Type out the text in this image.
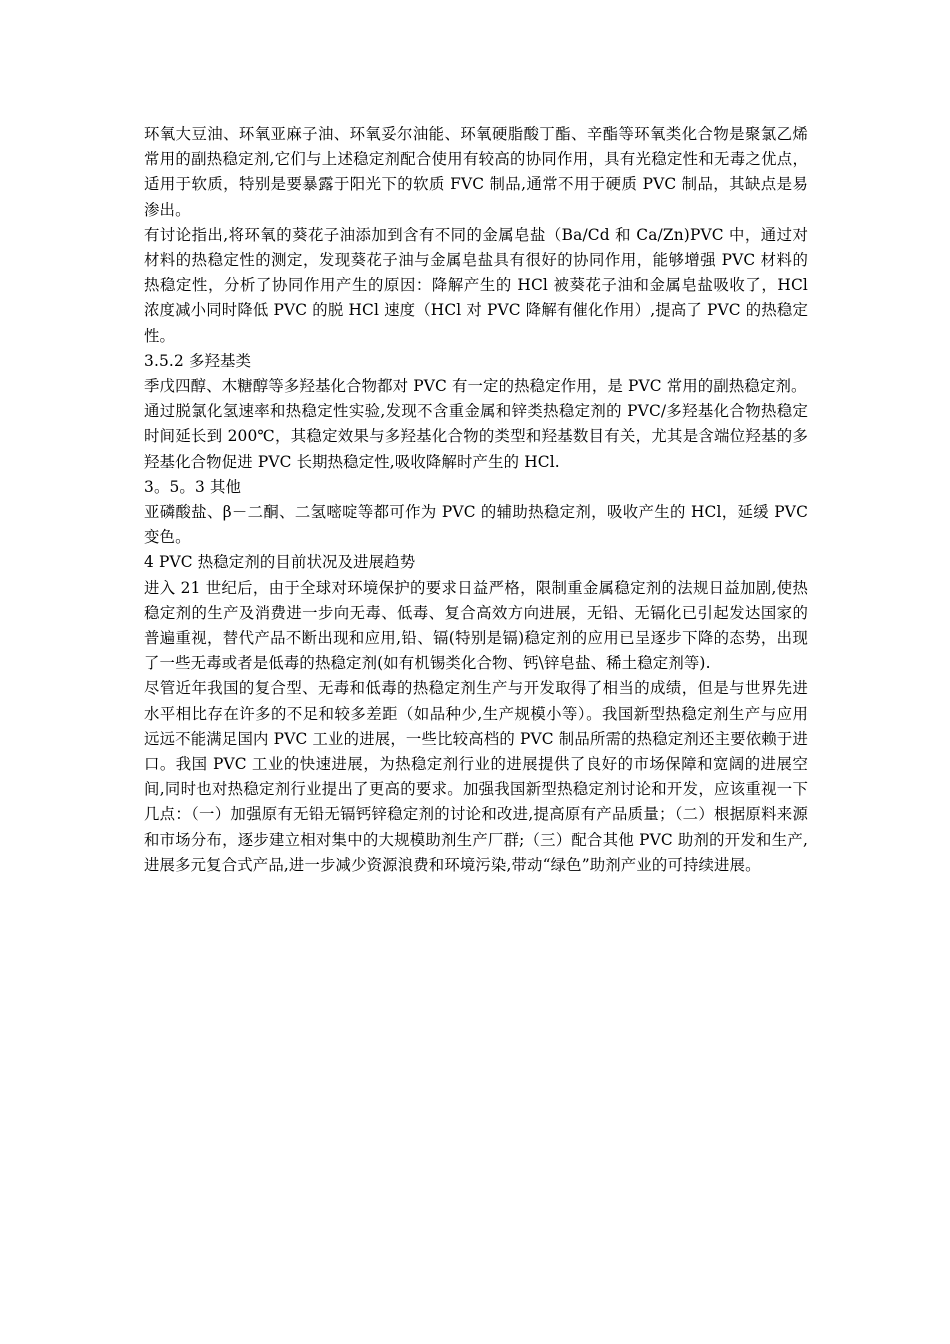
环氧大豆油、环氧亚麻子油、环氧妥尔油能、环氧硬脂酸丁酯、辛酯等环氧类化合物是聚氯乙烯常用的副热稳定剂,它们与上述稳定剂配合使用有较高的协同作用，具有光稳定性和无毒之优点，适用于软质，特别是要暴露于阳光下的软质 FVC 制品,通常不用于硬质 PVC 制品，其缺点是易渗出。

有讨论指出,将环氧的葵花子油添加到含有不同的金属皂盐（Ba/Cd 和 Ca/Zn)PVC 中，通过对材料的热稳定性的测定，发现葵花子油与金属皂盐具有很好的协同作用，能够增强 PVC 材料的热稳定性，分析了协同作用产生的原因：降解产生的 HCl 被葵花子油和金属皂盐吸收了，HCl 浓度减小同时降低 PVC 的脱 HCl 速度（HCl 对 PVC 降解有催化作用）,提高了 PVC 的热稳定性。

3.5.2 多羟基类

季戊四醇、木糖醇等多羟基化合物都对 PVC 有一定的热稳定作用，是 PVC 常用的副热稳定剂。

通过脱氯化氢速率和热稳定性实验,发现不含重金属和锌类热稳定剂的 PVC/多羟基化合物热稳定时间延长到 200℃，其稳定效果与多羟基化合物的类型和羟基数目有关，尤其是含端位羟基的多羟基化合物促进 PVC 长期热稳定性,吸收降解时产生的 HCl.

3。5。3 其他

亚磷酸盐、β－二酮、二氢嘧啶等都可作为 PVC 的辅助热稳定剂，吸收产生的 HCl，延缓 PVC 变色。

4 PVC 热稳定剂的目前状况及进展趋势

进入 21 世纪后，由于全球对环境保护的要求日益严格，限制重金属稳定剂的法规日益加剧,使热稳定剂的生产及消费进一步向无毒、低毒、复合高效方向进展，无铅、无镉化已引起发达国家的普遍重视，替代产品不断出现和应用,铅、镉(特别是镉)稳定剂的应用已呈逐步下降的态势，出现了一些无毒或者是低毒的热稳定剂(如有机锡类化合物、钙\锌皂盐、稀土稳定剂等).

尽管近年我国的复合型、无毒和低毒的热稳定剂生产与开发取得了相当的成绩，但是与世界先进水平相比存在许多的不足和较多差距（如品种少,生产规模小等）。我国新型热稳定剂生产与应用远远不能满足国内 PVC 工业的进展，一些比较高档的 PVC 制品所需的热稳定剂还主要依赖于进口。我国 PVC 工业的快速进展，为热稳定剂行业的进展提供了良好的市场保障和宽阔的进展空间,同时也对热稳定剂行业提出了更高的要求。加强我国新型热稳定剂讨论和开发，应该重视一下几点：（一）加强原有无铅无镉钙锌稳定剂的讨论和改进,提高原有产品质量；（二）根据原料来源和市场分布，逐步建立相对集中的大规模助剂生产厂群;（三）配合其他 PVC 助剂的开发和生产,进展多元复合式产品,进一步减少资源浪费和环境污染,带动“绿色”助剂产业的可持续进展。
